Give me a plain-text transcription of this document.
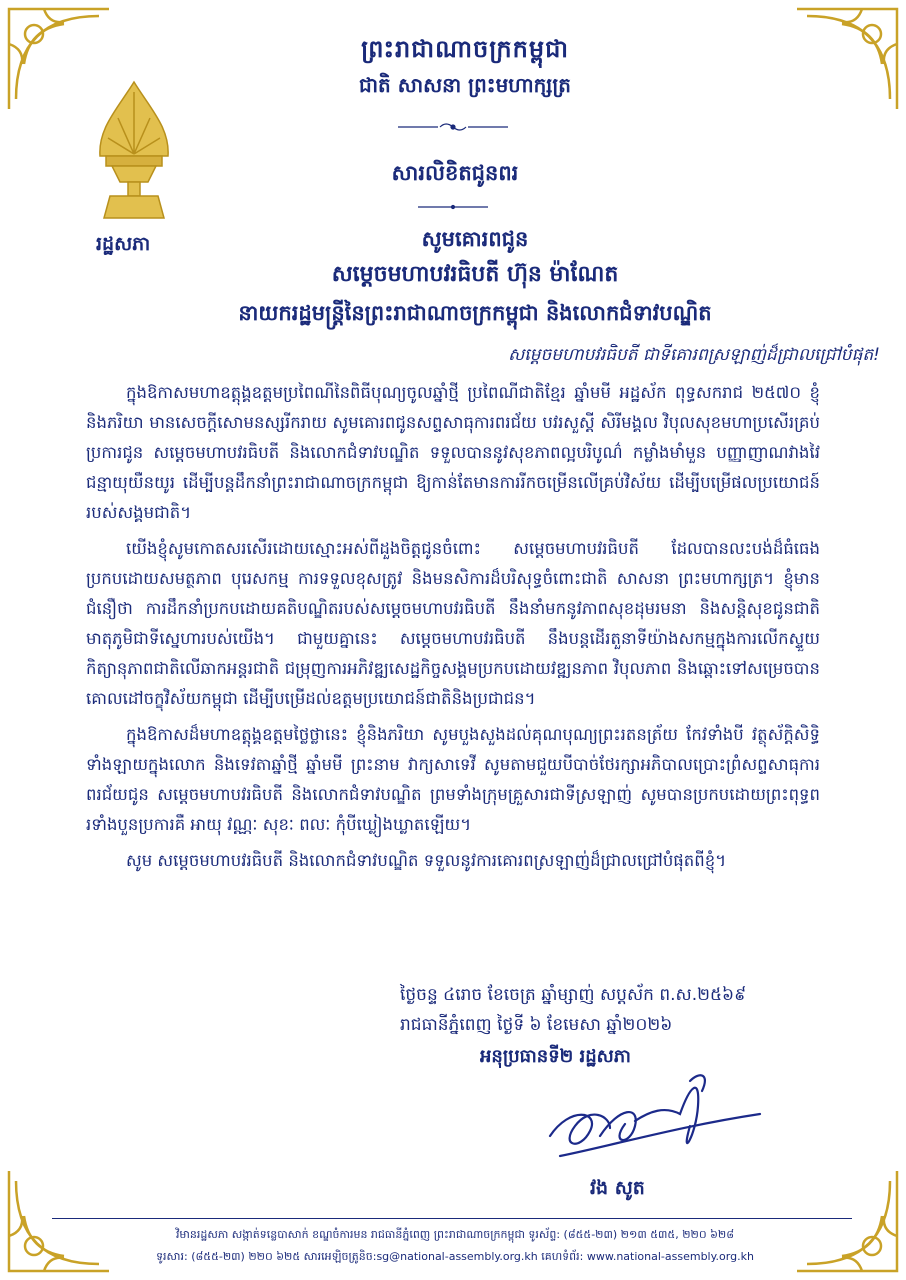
រដ្ឋសភា
ព្រះរាជាណាចក្រកម្ពុជា
ជាតិ សាសនា ព្រះមហាក្សត្រ
សារលិខិតជូនពរ
សូមគោរពជូន
សម្តេចមហាបវរធិបតី ហ៊ុន ម៉ាណែត
នាយករដ្ឋមន្ត្រីនៃព្រះរាជាណាចក្រកម្ពុជា និងលោកជំទាវបណ្ឌិត
សម្តេចមហាបវរធិបតី ជាទីគោរពស្រឡាញ់ដ៏ជ្រាលជ្រៅបំផុត!

ក្នុងឱកាសមហាឧត្តុង្គឧត្តមប្រពៃណីនៃពិធីបុណ្យចូលឆ្នាំថ្មី ប្រពៃណីជាតិខ្មែរ ឆ្នាំមមី អដ្ឋស័ក ពុទ្ធសករាជ ២៥៧០ ខ្ញុំនិងភរិយា មានសេចក្តីសោមនស្សរីករាយ សូមគោរពជូនសព្ទសាធុការពរជ័យ បវរសួស្តី សិរីមង្គល វិបុលសុខមហាប្រសើរគ្រប់ប្រការជូន សម្តេចមហាបវរធិបតី និងលោកជំទាវបណ្ឌិត ទទួលបាននូវសុខភាពល្អបរិបូណ៌ កម្លាំងមាំមួន បញ្ញាញាណវាងវៃ ជន្មាយុយឺនយូរ ដើម្បីបន្តដឹកនាំព្រះរាជាណាចក្រកម្ពុជា ឱ្យកាន់តែមានការរីកចម្រើនលើគ្រប់វិស័យ ដើម្បីបម្រើផលប្រយោជន៍របស់សង្គមជាតិ។

យើងខ្ញុំសូមកោតសរសើរដោយស្មោះអស់ពីដួងចិត្តជូនចំពោះ សម្តេចមហាបវរធិបតី ដែលបានលះបង់ដ៏ធំធេងប្រកបដោយសមត្ថភាព បុរេសកម្ម ការទទួលខុសត្រូវ និងមនសិការដ៏បរិសុទ្ធចំពោះជាតិ សាសនា ព្រះមហាក្សត្រ។ ខ្ញុំមានជំនឿថា ការដឹកនាំប្រកបដោយគតិបណ្ឌិតរបស់សម្តេចមហាបវរធិបតី នឹងនាំមកនូវភាពសុខដុមរមនា និងសន្តិសុខជូនជាតិមាតុភូមិជាទីស្នេហារបស់យើង។ ជាមួយគ្នានេះ សម្តេចមហាបវរធិបតី នឹងបន្តដើរតួនាទីយ៉ាងសកម្មក្នុងការលើកស្ទួយកិត្យានុភាពជាតិលើឆាកអន្តរជាតិ ជម្រុញការអភិវឌ្ឍសេដ្ឋកិច្ចសង្គមប្រកបដោយវឌ្ឍនភាព វិបុលភាព និងឆ្ពោះទៅសម្រេចបានគោលដៅចក្ខុវិស័យកម្ពុជា ដើម្បីបម្រើដល់ឧត្តមប្រយោជន៍ជាតិនិងប្រជាជន។

ក្នុងឱកាសដ៏មហាឧត្តុង្គឧត្តមថ្លៃថ្លានេះ ខ្ញុំនិងភរិយា សូមបួងសួងដល់គុណបុណ្យព្រះរតនត្រ័យ កែវទាំងបី វត្ថុស័ក្តិសិទ្ធិទាំងឡាយក្នុងលោក និងទេវតាឆ្នាំថ្មី ឆ្នាំមមី ព្រះនាម វាក្យសាទេវី សូមតាមជួយបីបាច់ថែរក្សាអភិបាលប្រោះព្រំសព្ទសាធុការពរជ័យជូន សម្តេចមហាបវរធិបតី និងលោកជំទាវបណ្ឌិត ព្រមទាំងក្រុមគ្រួសារជាទីស្រឡាញ់ សូមបានប្រកបដោយព្រះពុទ្ធពរទាំងបួនប្រការគឺ អាយុ វណ្ណៈ សុខៈ ពលៈ កុំបីឃ្លៀងឃ្លាតឡើយ។

សូម សម្តេចមហាបវរធិបតី និងលោកជំទាវបណ្ឌិត ទទួលនូវការគោរពស្រឡាញ់ដ៏ជ្រាលជ្រៅបំផុតពីខ្ញុំ។

ថ្ងៃចន្ទ ៤រោច ខែចេត្រ ឆ្នាំម្សាញ់ សប្តស័ក ព.ស.២៥៦៩
រាជធានីភ្នំពេញ ថ្ងៃទី ៦ ខែមេសា ឆ្នាំ២០២៦
អនុប្រធានទី២ រដ្ឋសភា
វង សូត
វិមានរដ្ឋសភា សង្កាត់ទន្លេបាសាក់ ខណ្ឌចំការមន រាជធានីភ្នំពេញ ព្រះរាជាណាចក្រកម្ពុជា ទូរស័ព្ទ: (៨៥៥-២៣) ២១៣ ៥៣៥, ២២០ ៦២៨
ទូរសារ: (៨៥៥-២៣) ២២០ ៦២៥ សារអេឡិចត្រូនិច:sg@national-assembly.org.kh គេហទំព័រ: www.national-assembly.org.kh
